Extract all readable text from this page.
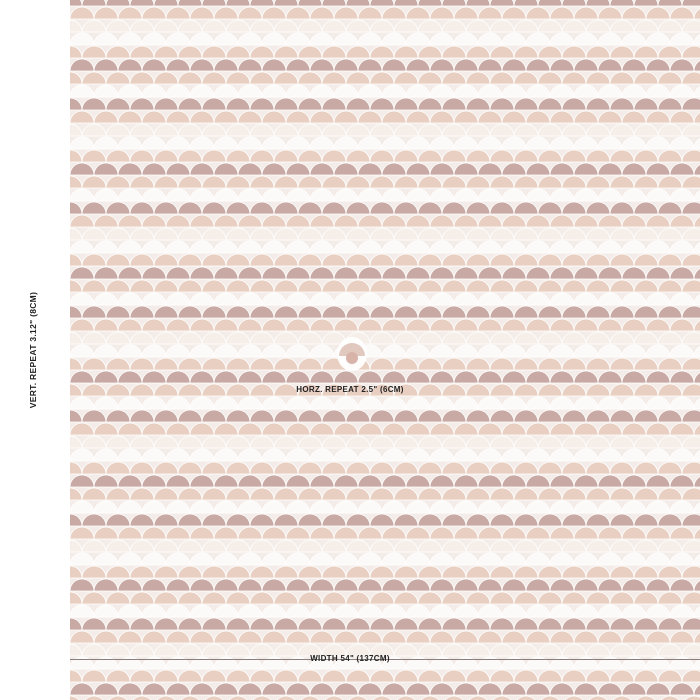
VERT. REPEAT 3.12" (8CM)	HORZ. REPEAT 2.5" (6CM)
WIDTH 54" (137CM)
